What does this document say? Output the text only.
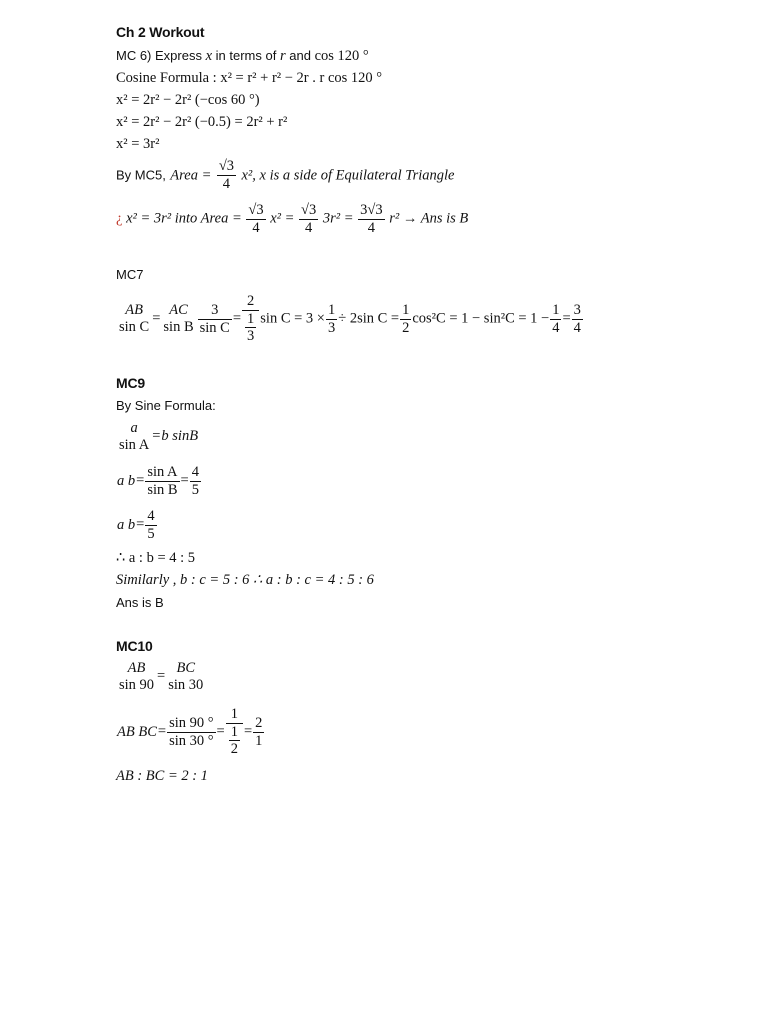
Ch 2 Workout
MC 6) Express x in terms of r and cos 120 °
Cosine Formula : x² = r² + r² − 2r . r cos 120 °
x² = 2r² − 2r² (−cos 60 °)
x² = 2r² − 2r² (−0.5) = 2r² + r²
x² = 3r²
By MC5, Area = $\frac{√3}{4} x^2$, x is a side of Equilateral Triangle
¿ x² = 3r² into Area = $\frac{√3}{4} x^2 = \frac{√3}{4} 3r^2 = \frac{3√3}{4} r^2$ → Ans is B
MC7
AB
sin C
= AC
sin B $\frac{3}{\text{sin C}} = \frac{2}{\frac{1}{3}}$ $\sin C = 3 \times \frac{1}{3} \div 2\sin$ $C = \frac{1}{2} \cos^2C = 1 - \sin^2C = 1 - \frac{1}{4} = \frac{3}{4}$
MC9
By Sine Formula:
a
sin A
=b sinB
a $b= \frac{\text{sin A}}{\text{sin B}} = \frac{4}{5}$
a $b= \frac{4}{5}$
∴ a : b = 4 : 5
Similarly , b : c = 5 : 6 ∴ a : b : c = 4 : 5 : 6
Ans is B
MC10
AB
sin 90
= BC
sin 30
AB $BC= \frac{\sin 90 ^\circ}{\sin 30 ^\circ} = \frac{1}{\frac{1}{2}} = \frac{2}{1}$
AB : BC = 2 : 1
